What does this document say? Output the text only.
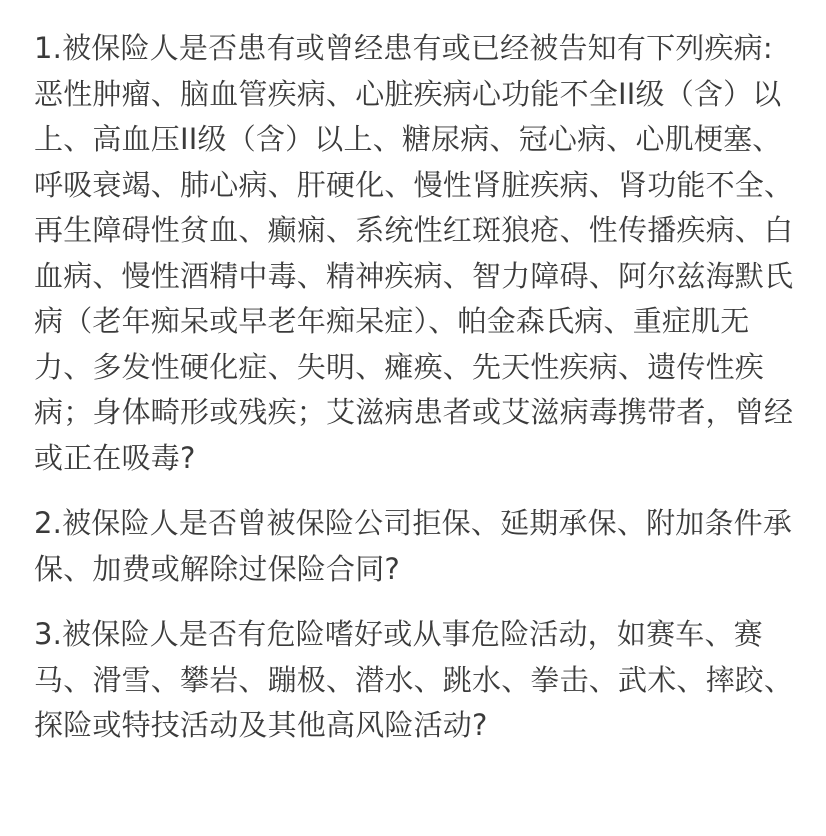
1.被保险人是否患有或曾经患有或已经被告知有下列疾病:

恶性肿瘤、脑血管疾病、心脏疾病心功能不全II级（含）以上、高血压II级（含）以上、糖尿病、冠心病、心肌梗塞、呼吸衰竭、肺心病、肝硬化、慢性肾脏疾病、肾功能不全、再生障碍性贫血、癫痫、系统性红斑狼疮、性传播疾病、白血病、慢性酒精中毒、精神疾病、智力障碍、阿尔兹海默氏病（老年痴呆或早老年痴呆症）、帕金森氏病、重症肌无力、多发性硬化症、失明、瘫痪、先天性疾病、遗传性疾病；身体畸形或残疾；艾滋病患者或艾滋病毒携带者，曾经或正在吸毒?

2.被保险人是否曾被保险公司拒保、延期承保、附加条件承保、加费或解除过保险合同?

3.被保险人是否有危险嗜好或从事危险活动，如赛车、赛马、滑雪、攀岩、蹦极、潜水、跳水、拳击、武术、摔跤、探险或特技活动及其他高风险活动?
